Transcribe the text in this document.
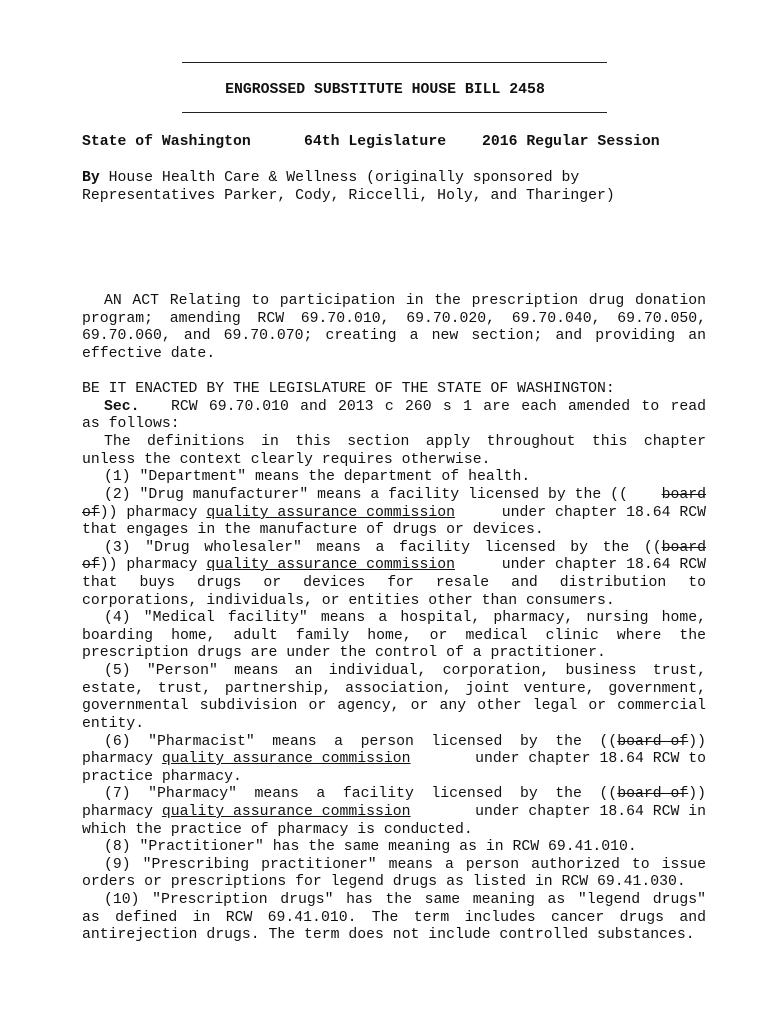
ENGROSSED SUBSTITUTE HOUSE BILL 2458
State of Washington	64th Legislature	2016 Regular Session
By House Health Care & Wellness (originally sponsored by
Representatives Parker, Cody, Riccelli, Holy, and Tharinger)
AN ACT Relating to participation in the prescription drug donation
program; amending RCW 69.70.010, 69.70.020, 69.70.040, 69.70.050,
69.70.060, and 69.70.070; creating a new section; and providing an
effective date.
BE IT ENACTED BY THE LEGISLATURE OF THE STATE OF WASHINGTON:
Sec.	RCW 69.70.010 and 2013 c 260 s 1 are each amended to read
as follows:
The definitions in this section apply throughout this chapter
unless the context clearly requires otherwise.
(1) "Department" means the department of health.
(2) "Drug manufacturer" means a facility licensed by the (( board
of )) pharmacy quality assurance commission	under chapter 18.64 RCW
that engages in the manufacture of drugs or devices.
(3) "Drug wholesaler" means a facility licensed by the (( board
of )) pharmacy quality assurance commission	under chapter 18.64 RCW
that buys drugs or devices for resale and distribution to
corporations, individuals, or entities other than consumers.
(4) "Medical facility" means a hospital, pharmacy, nursing home,
boarding home, adult family home, or medical clinic where the
prescription drugs are under the control of a practitioner.
(5) "Person" means an individual, corporation, business trust,
estate, trust, partnership, association, joint venture, government,
governmental subdivision or agency, or any other legal or commercial
entity.
(6) "Pharmacist" means a person licensed by the (( board of ))
pharmacy quality assurance commission	under chapter 18.64 RCW to
practice pharmacy.
(7) "Pharmacy" means a facility licensed by the (( board of ))
pharmacy quality assurance commission	under chapter 18.64 RCW in
which the practice of pharmacy is conducted.
(8) "Practitioner" has the same meaning as in RCW 69.41.010.
(9) "Prescribing practitioner" means a person authorized to issue
orders or prescriptions for legend drugs as listed in RCW 69.41.030.
(10) "Prescription drugs" has the same meaning as "legend drugs"
as defined in RCW 69.41.010. The term includes cancer drugs and
antirejection drugs. The term does not include controlled substances.
